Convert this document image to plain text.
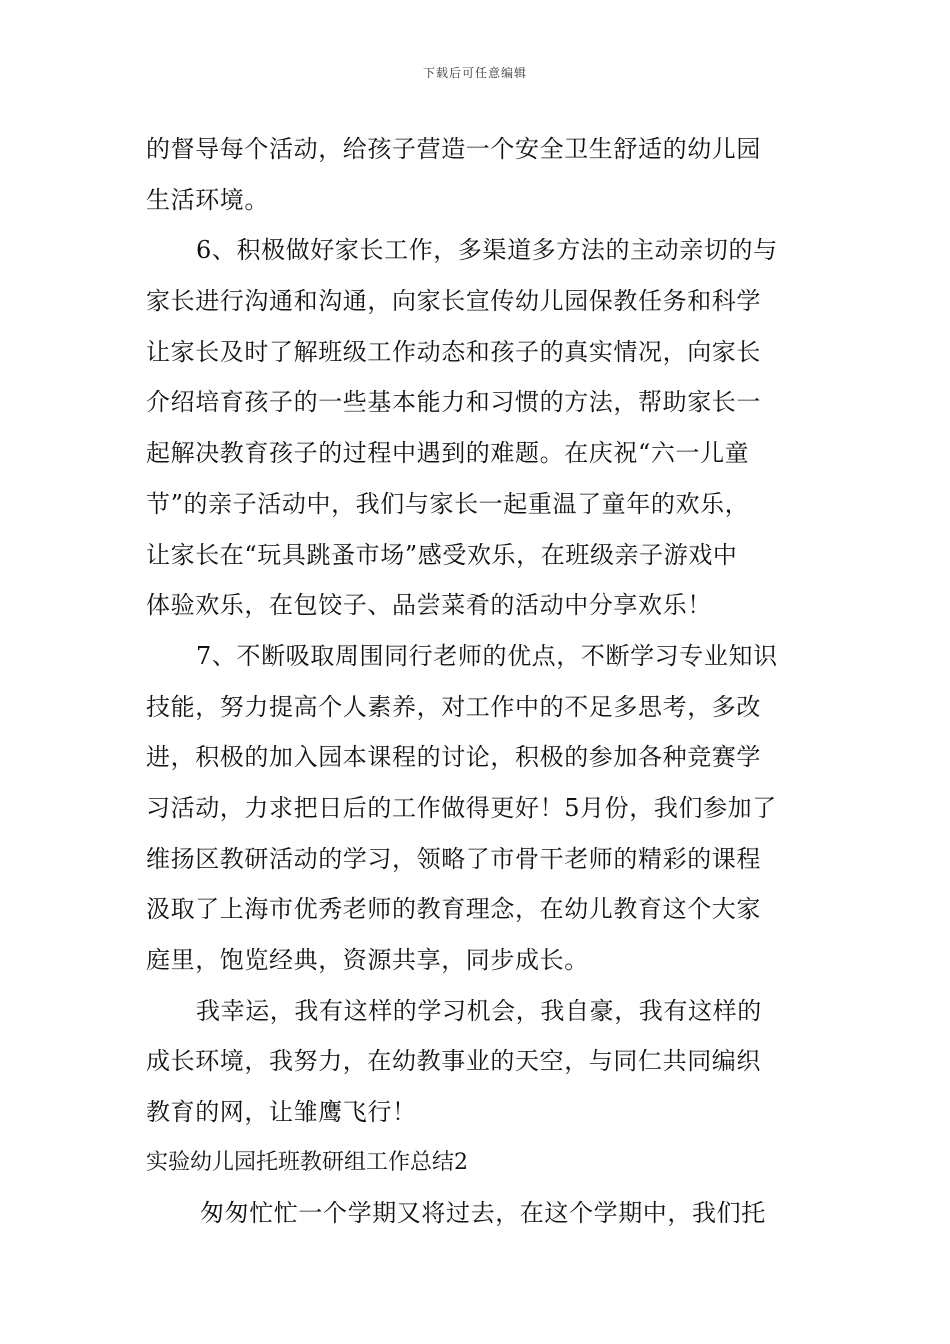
下载后可任意编辑
的督导每个活动，给孩子营造一个安全卫生舒适的幼儿园
生活环境。
6、积极做好家长工作，多渠道多方法的主动亲切的与
家长进行沟通和沟通，向家长宣传幼儿园保教任务和科学
让家长及时了解班级工作动态和孩子的真实情况，向家长
介绍培育孩子的一些基本能力和习惯的方法，帮助家长一
起解决教育孩子的过程中遇到的难题。在庆祝“六一儿童
节”的亲子活动中，我们与家长一起重温了童年的欢乐，
让家长在“玩具跳蚤市场”感受欢乐，在班级亲子游戏中
体验欢乐，在包饺子、品尝菜肴的活动中分享欢乐！
7、不断吸取周围同行老师的优点，不断学习专业知识
技能，努力提高个人素养，对工作中的不足多思考，多改
进，积极的加入园本课程的讨论，积极的参加各种竞赛学
习活动，力求把日后的工作做得更好！5月份，我们参加了
维扬区教研活动的学习，领略了市骨干老师的精彩的课程
汲取了上海市优秀老师的教育理念，在幼儿教育这个大家
庭里，饱览经典，资源共享，同步成长。
我幸运，我有这样的学习机会，我自豪，我有这样的
成长环境，我努力，在幼教事业的天空，与同仁共同编织
教育的网，让雏鹰飞行！
实验幼儿园托班教研组工作总结2
匆匆忙忙一个学期又将过去，在这个学期中，我们托
